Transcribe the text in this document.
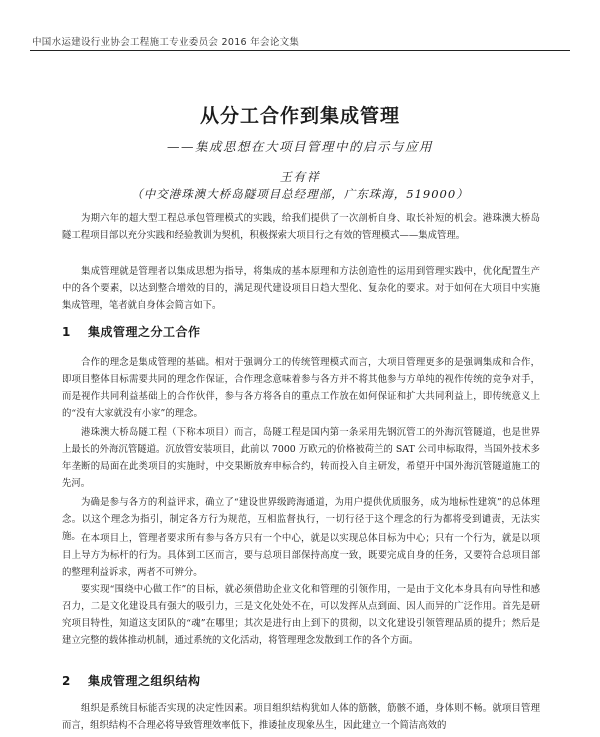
中国水运建设行业协会工程施工专业委员会 2016 年会论文集
从分工合作到集成管理
——集成思想在大项目管理中的启示与应用
王有祥
（中交港珠澳大桥岛隧项目总经理部，广东珠海，519000）

为期六年的超大型工程总承包管理模式的实践，给我们提供了一次剖析自身、取长补短的机会。港珠澳大桥岛隧工程项目部以充分实践和经验教训为契机，积极探索大项目行之有效的管理模式——集成管理。

集成管理就是管理者以集成思想为指导，将集成的基本原理和方法创造性的运用到管理实践中，优化配置生产中的各个要素，以达到整合增效的目的，满足现代建设项目日趋大型化、复杂化的要求。对于如何在大项目中实施集成管理，笔者就自身体会简言如下。

1 集成管理之分工合作

合作的理念是集成管理的基础。相对于强调分工的传统管理模式而言，大项目管理更多的是强调集成和合作，即项目整体目标需要共同的理念作保证，合作理念意味着参与各方并不将其他参与方单纯的视作传统的竞争对手，而是视作共同利益基础上的合作伙伴，参与各方将各自的重点工作放在如何保证和扩大共同利益上，即传统意义上的“没有大家就没有小家”的理念。

港珠澳大桥岛隧工程（下称本项目）而言，岛隧工程是国内第一条采用先钢沉管工的外海沉管隧道，也是世界上最长的外海沉管隧道。沉放管安装项目，此前以 7000 万欧元的价格被荷兰的 SAT 公司申标取得，当国外技术多年垄断的局面在此类项目的实施时，中交果断放弃申标合约，转而投入自主研发，希望开中国外海沉管隧道施工的先河。

为确是参与各方的利益评求，确立了“建设世界级跨海通道，为用户提供优质服务，成为地标性建筑”的总体理念。以这个理念为指引，制定各方行为规范，互相监督执行，一切行径于这个理念的行为都将受到谴责，无法实施。 在本项目上，管理者要求所有参与各方只有一个中心，就是以实现总体目标为中心；只有一个行为，就是以项目上导方为标杆的行为。具体到工区而言，要与总项目部保持高度一致，既要完成自身的任务，又要符合总项目部的整理利益诉求，两者不可辨分。

要实现“围绕中心做工作”的目标，就必须借助企业文化和管理的引领作用，一是由于文化本身具有向导性和感召力，二是文化建设具有强大的吸引力，三是文化处处不在，可以发挥从点到面、因人而异的广泛作用。首先是研究项目特性，知道这支团队的“魂”在哪里；其次是进行由上到下的贯彻，以文化建设引领管理品质的提升；然后是建立完整的载体推动机制，通过系统的文化活动，将管理理念发散到工作的各个方面。

2 集成管理之组织结构

组织是系统目标能否实现的决定性因素。项目组织结构犹如人体的筋骸，筋骸不通，身体则不畅。就项目管理而言，组织结构不合理必将导致管理效率低下，推诿扯皮现象丛生，因此建立一个简洁高效的
